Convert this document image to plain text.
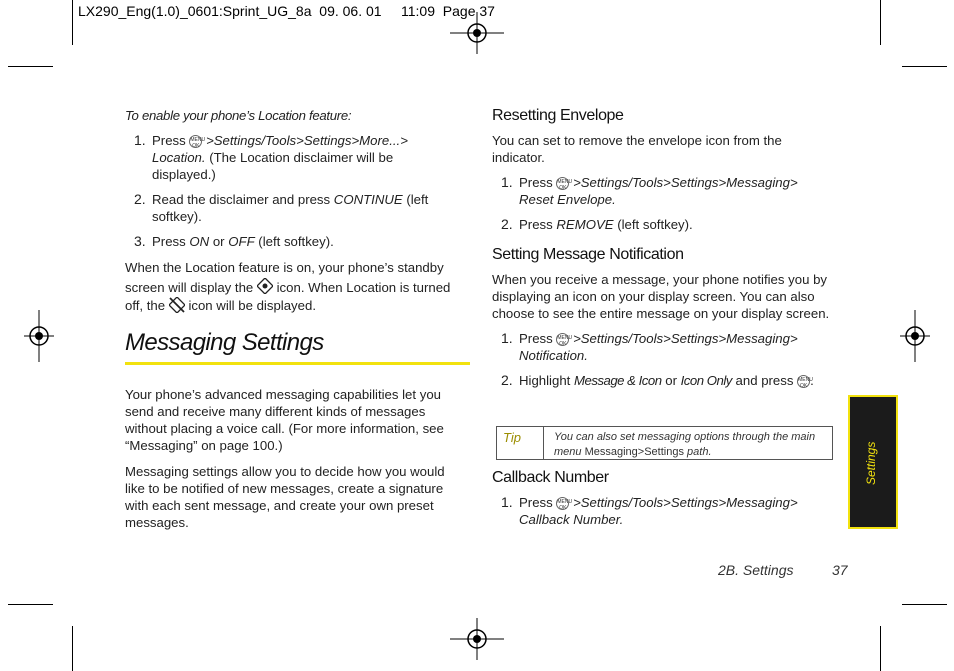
LX290_Eng(1.0)_0601:Sprint_UG_8a  09. 06. 01     11:09  Page 37

To enable your phone’s Location feature:

1. Press MENU
OK >Settings/Tools>Settings>More...>
Location. (The Location disclaimer will be displayed.)
2. Read the disclaimer and press CONTINUE (left softkey).
3. Press ON or OFF (left softkey).

When the Location feature is on, your phone’s standby screen will display the icon. When Location is turned off, the icon will be displayed.

Messaging Settings

Your phone’s advanced messaging capabilities let you send and receive many different kinds of messages without placing a voice call. (For more information, see “Messaging” on page 100.)

Messaging settings allow you to decide how you would like to be notified of new messages, create a signature with each sent message, and create your own preset messages.

Resetting Envelope

You can set to remove the envelope icon from the indicator.

1. Press MENU
OK >Settings/Tools>Settings>Messaging>
Reset Envelope.
2. Press REMOVE (left softkey).
Setting Message Notification

When you receive a message, your phone notifies you by displaying an icon on your display screen. You can also choose to see the entire message on your display screen.

1. Press MENU
OK >Settings/Tools>Settings>Messaging>
Notification.
2. Highlight Message & Icon or Icon Only and press MENU
OK .
Tip	You can also set messaging options through the main menu Messaging>Settings path.
Callback Number
1. Press MENU
OK >Settings/Tools>Settings>Messaging>
Callback Number.
Settings
2B. Settings	37
